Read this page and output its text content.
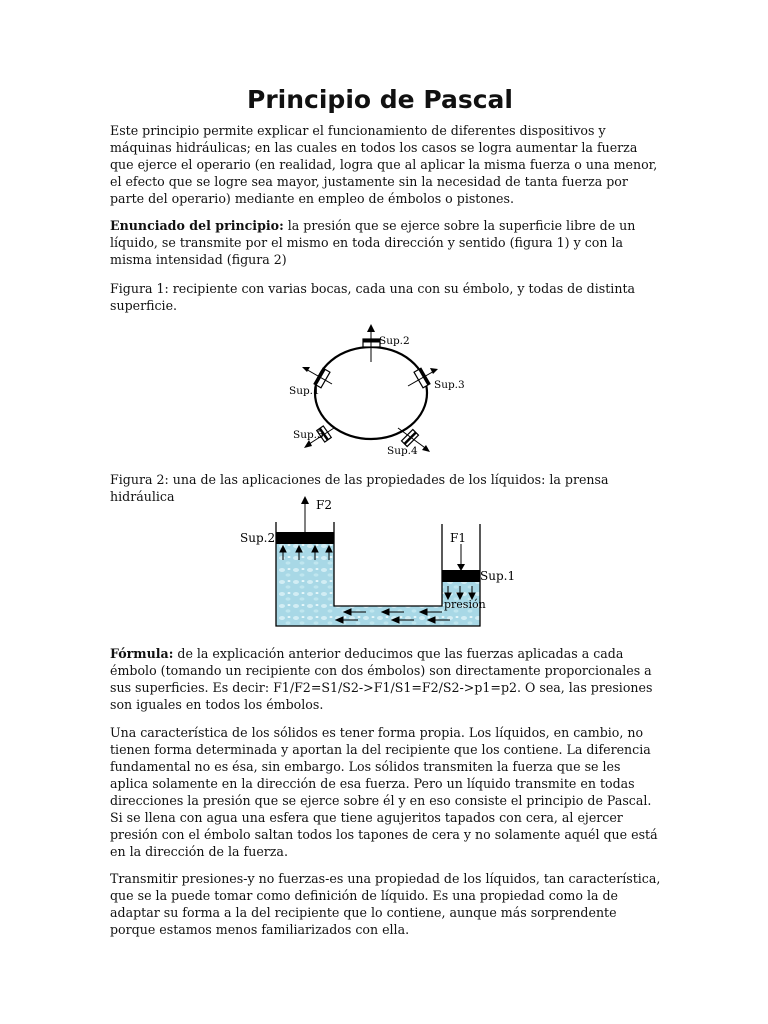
Principio de Pascal

Este principio permite explicar el funcionamiento de diferentes dispositivos y máquinas hidráulicas; en las cuales en todos los casos se logra aumentar la fuerza que ejerce el operario (en realidad, logra que al aplicar la misma fuerza o una menor, el efecto que se logre sea mayor, justamente sin la necesidad de tanta fuerza por parte del operario) mediante en empleo de émbolos o pistones.

Enunciado del principio: la presión que se ejerce sobre la superficie libre de un líquido, se transmite por el mismo en toda dirección y sentido (figura 1) y con la misma intensidad (figura 2)

Figura 1: recipiente con varias bocas, cada una con su émbolo, y todas de distinta superficie.

Sup.2
Sup.1	Sup.3
Sup.5
Sup.4

Figura 2: una de las aplicaciones de las propiedades de los líquidos: la prensa hidráulica

F2
Sup.2	F1
Sup.1
presión

Fórmula: de la explicación anterior deducimos que las fuerzas aplicadas a cada émbolo (tomando un recipiente con dos émbolos) son directamente proporcionales a sus superficies. Es decir: F1/F2=S1/S2->F1/S1=F2/S2->p1=p2. O sea, las presiones son iguales en todos los émbolos.

Una característica de los sólidos es tener forma propia. Los líquidos, en cambio, no tienen forma determinada y aportan la del recipiente que los contiene. La diferencia fundamental no es ésa, sin embargo. Los sólidos transmiten la fuerza que se les aplica solamente en la dirección de esa fuerza. Pero un líquido transmite en todas direcciones la presión que se ejerce sobre él y en eso consiste el principio de Pascal. Si se llena con agua una esfera que tiene agujeritos tapados con cera, al ejercer presión con el émbolo saltan todos los tapones de cera y no solamente aquél que está en la dirección de la fuerza.

Transmitir presiones-y no fuerzas-es una propiedad de los líquidos, tan característica, que se la puede tomar como definición de líquido. Es una propiedad como la de adaptar su forma a la del recipiente que lo contiene, aunque más sorprendente porque estamos menos familiarizados con ella.
